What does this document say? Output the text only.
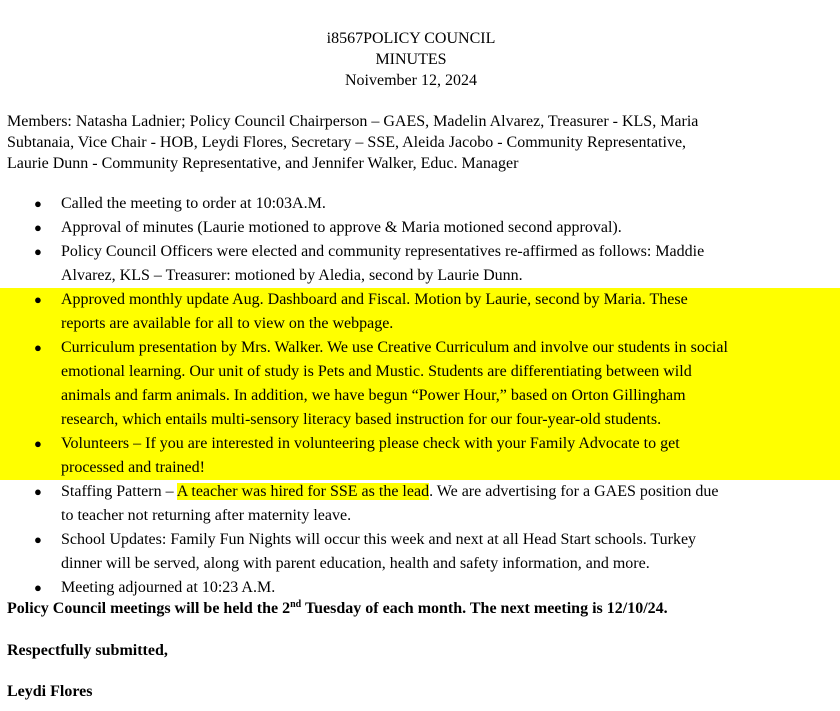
i8567POLICY COUNCIL
MINUTES
Noivember 12, 2024
Members: Natasha Ladnier; Policy Council Chairperson – GAES, Madelin Alvarez, Treasurer - KLS, Maria
Subtanaia, Vice Chair - HOB, Leydi Flores, Secretary – SSE, Aleida Jacobo - Community Representative,
Laurie Dunn - Community Representative, and Jennifer Walker, Educ. Manager
● Called the meeting to order at 10:03A.M.
● Approval of minutes (Laurie motioned to approve & Maria motioned second approval).
● Policy Council Officers were elected and community representatives re-affirmed as follows: Maddie
Alvarez, KLS – Treasurer: motioned by Aledia, second by Laurie Dunn.
● Approved monthly update Aug. Dashboard and Fiscal. Motion by Laurie, second by Maria. These
reports are available for all to view on the webpage.
● Curriculum presentation by Mrs. Walker. We use Creative Curriculum and involve our students in social
emotional learning. Our unit of study is Pets and Mustic. Students are differentiating between wild
animals and farm animals. In addition, we have begun “Power Hour,” based on Orton Gillingham
research, which entails multi-sensory literacy based instruction for our four-year-old students.
● Volunteers – If you are interested in volunteering please check with your Family Advocate to get
processed and trained!
● Staffing Pattern – A teacher was hired for SSE as the lead. We are advertising for a GAES position due
to teacher not returning after maternity leave.
● School Updates: Family Fun Nights will occur this week and next at all Head Start schools. Turkey
dinner will be served, along with parent education, health and safety information, and more.
● Meeting adjourned at 10:23 A.M.
Policy Council meetings will be held the 2nd Tuesday of each month. The next meeting is 12/10/24.
Respectfully submitted,
Leydi Flores
